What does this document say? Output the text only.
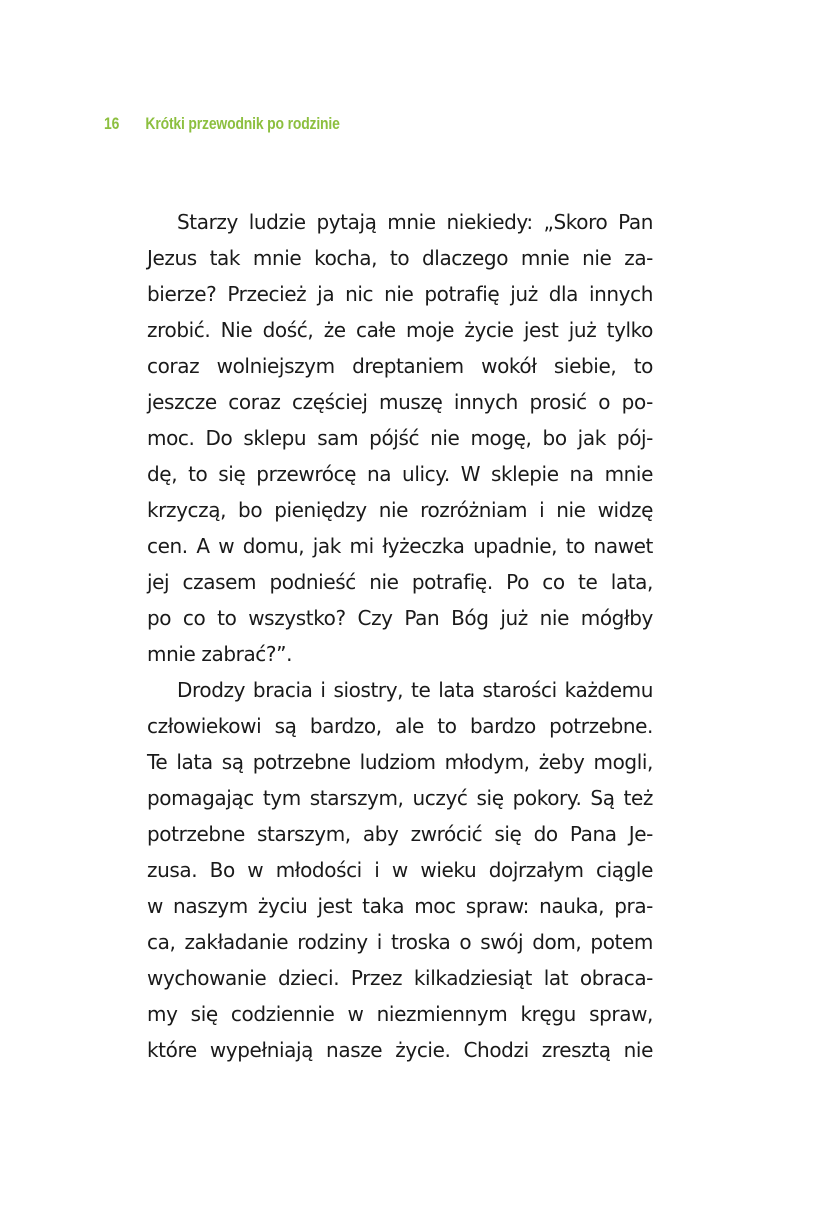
16 Krótki przewodnik po rodzinie
Starzy ludzie pytają mnie niekiedy: „Skoro Pan
Jezus tak mnie kocha, to dlaczego mnie nie za-
bierze? Przecież ja nic nie potrafię już dla innych
zrobić. Nie dość, że całe moje życie jest już tylko
coraz wolniejszym dreptaniem wokół siebie, to
jeszcze coraz częściej muszę innych prosić o po-
moc. Do sklepu sam pójść nie mogę, bo jak pój-
dę, to się przewrócę na ulicy. W sklepie na mnie
krzyczą, bo pieniędzy nie rozróżniam i nie widzę
cen. A w domu, jak mi łyżeczka upadnie, to nawet
jej czasem podnieść nie potrafię. Po co te lata,
po co to wszystko? Czy Pan Bóg już nie mógłby
mnie zabrać?”.
Drodzy bracia i siostry, te lata starości każdemu
człowiekowi są bardzo, ale to bardzo potrzebne.
Te lata są potrzebne ludziom młodym, żeby mogli,
pomagając tym starszym, uczyć się pokory. Są też
potrzebne starszym, aby zwrócić się do Pana Je-
zusa. Bo w młodości i w wieku dojrzałym ciągle
w naszym życiu jest taka moc spraw: nauka, pra-
ca, zakładanie rodziny i troska o swój dom, potem
wychowanie dzieci. Przez kilkadziesiąt lat obraca-
my się codziennie w niezmiennym kręgu spraw,
które wypełniają nasze życie. Chodzi zresztą nie
